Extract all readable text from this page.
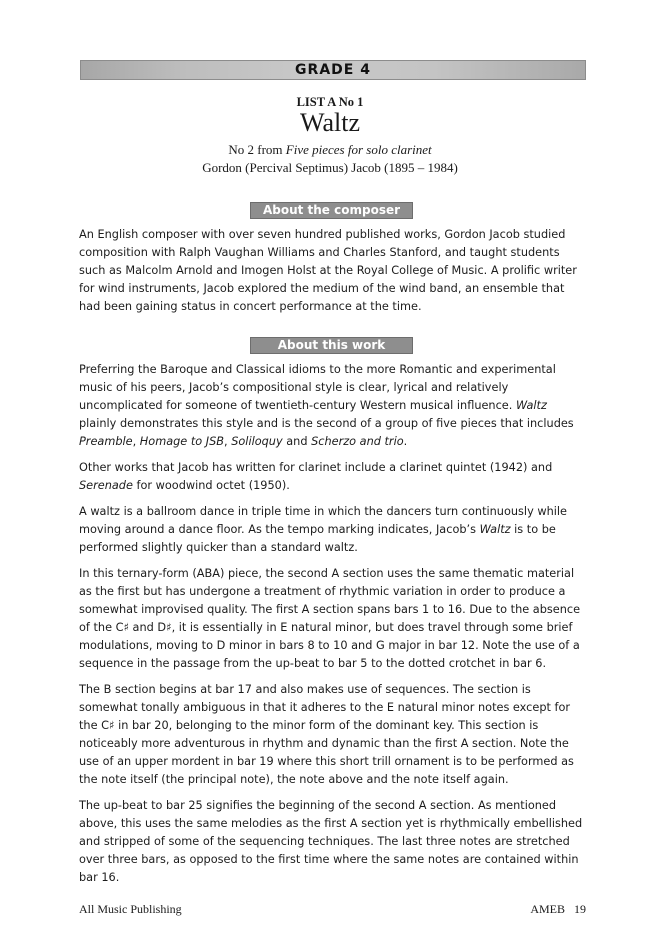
GRADE 4
LIST A No 1
Waltz
No 2 from Five pieces for solo clarinet
Gordon (Percival Septimus) Jacob (1895 – 1984)
About the composer

An English composer with over seven hundred published works, Gordon Jacob studied composition with Ralph Vaughan Williams and Charles Stanford, and taught students such as Malcolm Arnold and Imogen Holst at the Royal College of Music. A prolific writer for wind instruments, Jacob explored the medium of the wind band, an ensemble that had been gaining status in concert performance at the time.

About this work

Preferring the Baroque and Classical idioms to the more Romantic and experimental music of his peers, Jacob’s compositional style is clear, lyrical and relatively uncomplicated for someone of twentieth-century Western musical influence. Waltz plainly demonstrates this style and is the second of a group of five pieces that includes Preamble, Homage to JSB, Soliloquy and Scherzo and trio.

Other works that Jacob has written for clarinet include a clarinet quintet (1942) and Serenade for woodwind octet (1950).

A waltz is a ballroom dance in triple time in which the dancers turn continuously while moving around a dance floor. As the tempo marking indicates, Jacob’s Waltz is to be performed slightly quicker than a standard waltz.

In this ternary-form (ABA) piece, the second A section uses the same thematic material as the first but has undergone a treatment of rhythmic variation in order to produce a somewhat improvised quality. The first A section spans bars 1 to 16. Due to the absence of the C♯ and D♯, it is essentially in E natural minor, but does travel through some brief modulations, moving to D minor in bars 8 to 10 and G major in bar 12. Note the use of a sequence in the passage from the up-beat to bar 5 to the dotted crotchet in bar 6.

The B section begins at bar 17 and also makes use of sequences. The section is somewhat tonally ambiguous in that it adheres to the E natural minor notes except for the C♯ in bar 20, belonging to the minor form of the dominant key. This section is noticeably more adventurous in rhythm and dynamic than the first A section. Note the use of an upper mordent in bar 19 where this short trill ornament is to be performed as the note itself (the principal note), the note above and the note itself again.

The up-beat to bar 25 signifies the beginning of the second A section. As mentioned above, this uses the same melodies as the first A section yet is rhythmically embellished and stripped of some of the sequencing techniques. The last three notes are stretched over three bars, as opposed to the first time where the same notes are contained within bar 16.

All Music Publishing	AMEB 19
